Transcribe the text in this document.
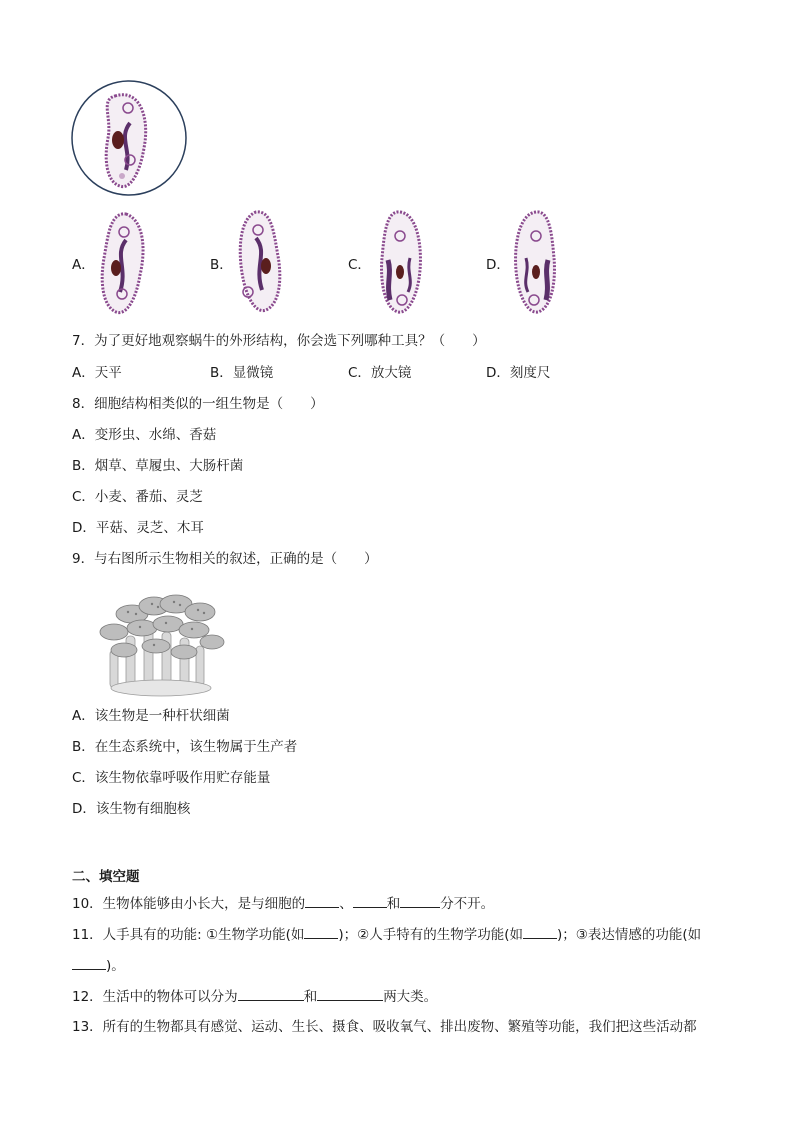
A．	B．	C．	D．
7．为了更好地观察蜗牛的外形结构，你会选下列哪种工具？（　　）
A．天平	B．显微镜	C．放大镜	D．刻度尺
8．细胞结构相类似的一组生物是（　　）
A．变形虫、水绵、香菇
B．烟草、草履虫、大肠杆菌
C．小麦、番茄、灵芝
D．平菇、灵芝、木耳
9．与右图所示生物相关的叙述，正确的是（　　）
A．该生物是一种杆状细菌
B．在生态系统中，该生物属于生产者
C．该生物依靠呼吸作用贮存能量
D．该生物有细胞核
二、填空题
10．生物体能够由小长大，是与细胞的	、	和	分不开。
11．人手具有的功能: ①生物学功能(如	)；②人手特有的生物学功能(如	)；③表达情感的功能(如
)。
12．生活中的物体可以分为	和	两大类。
13．所有的生物都具有感觉、运动、生长、摄食、吸收氧气、排出废物、繁殖等功能，我们把这些活动都
